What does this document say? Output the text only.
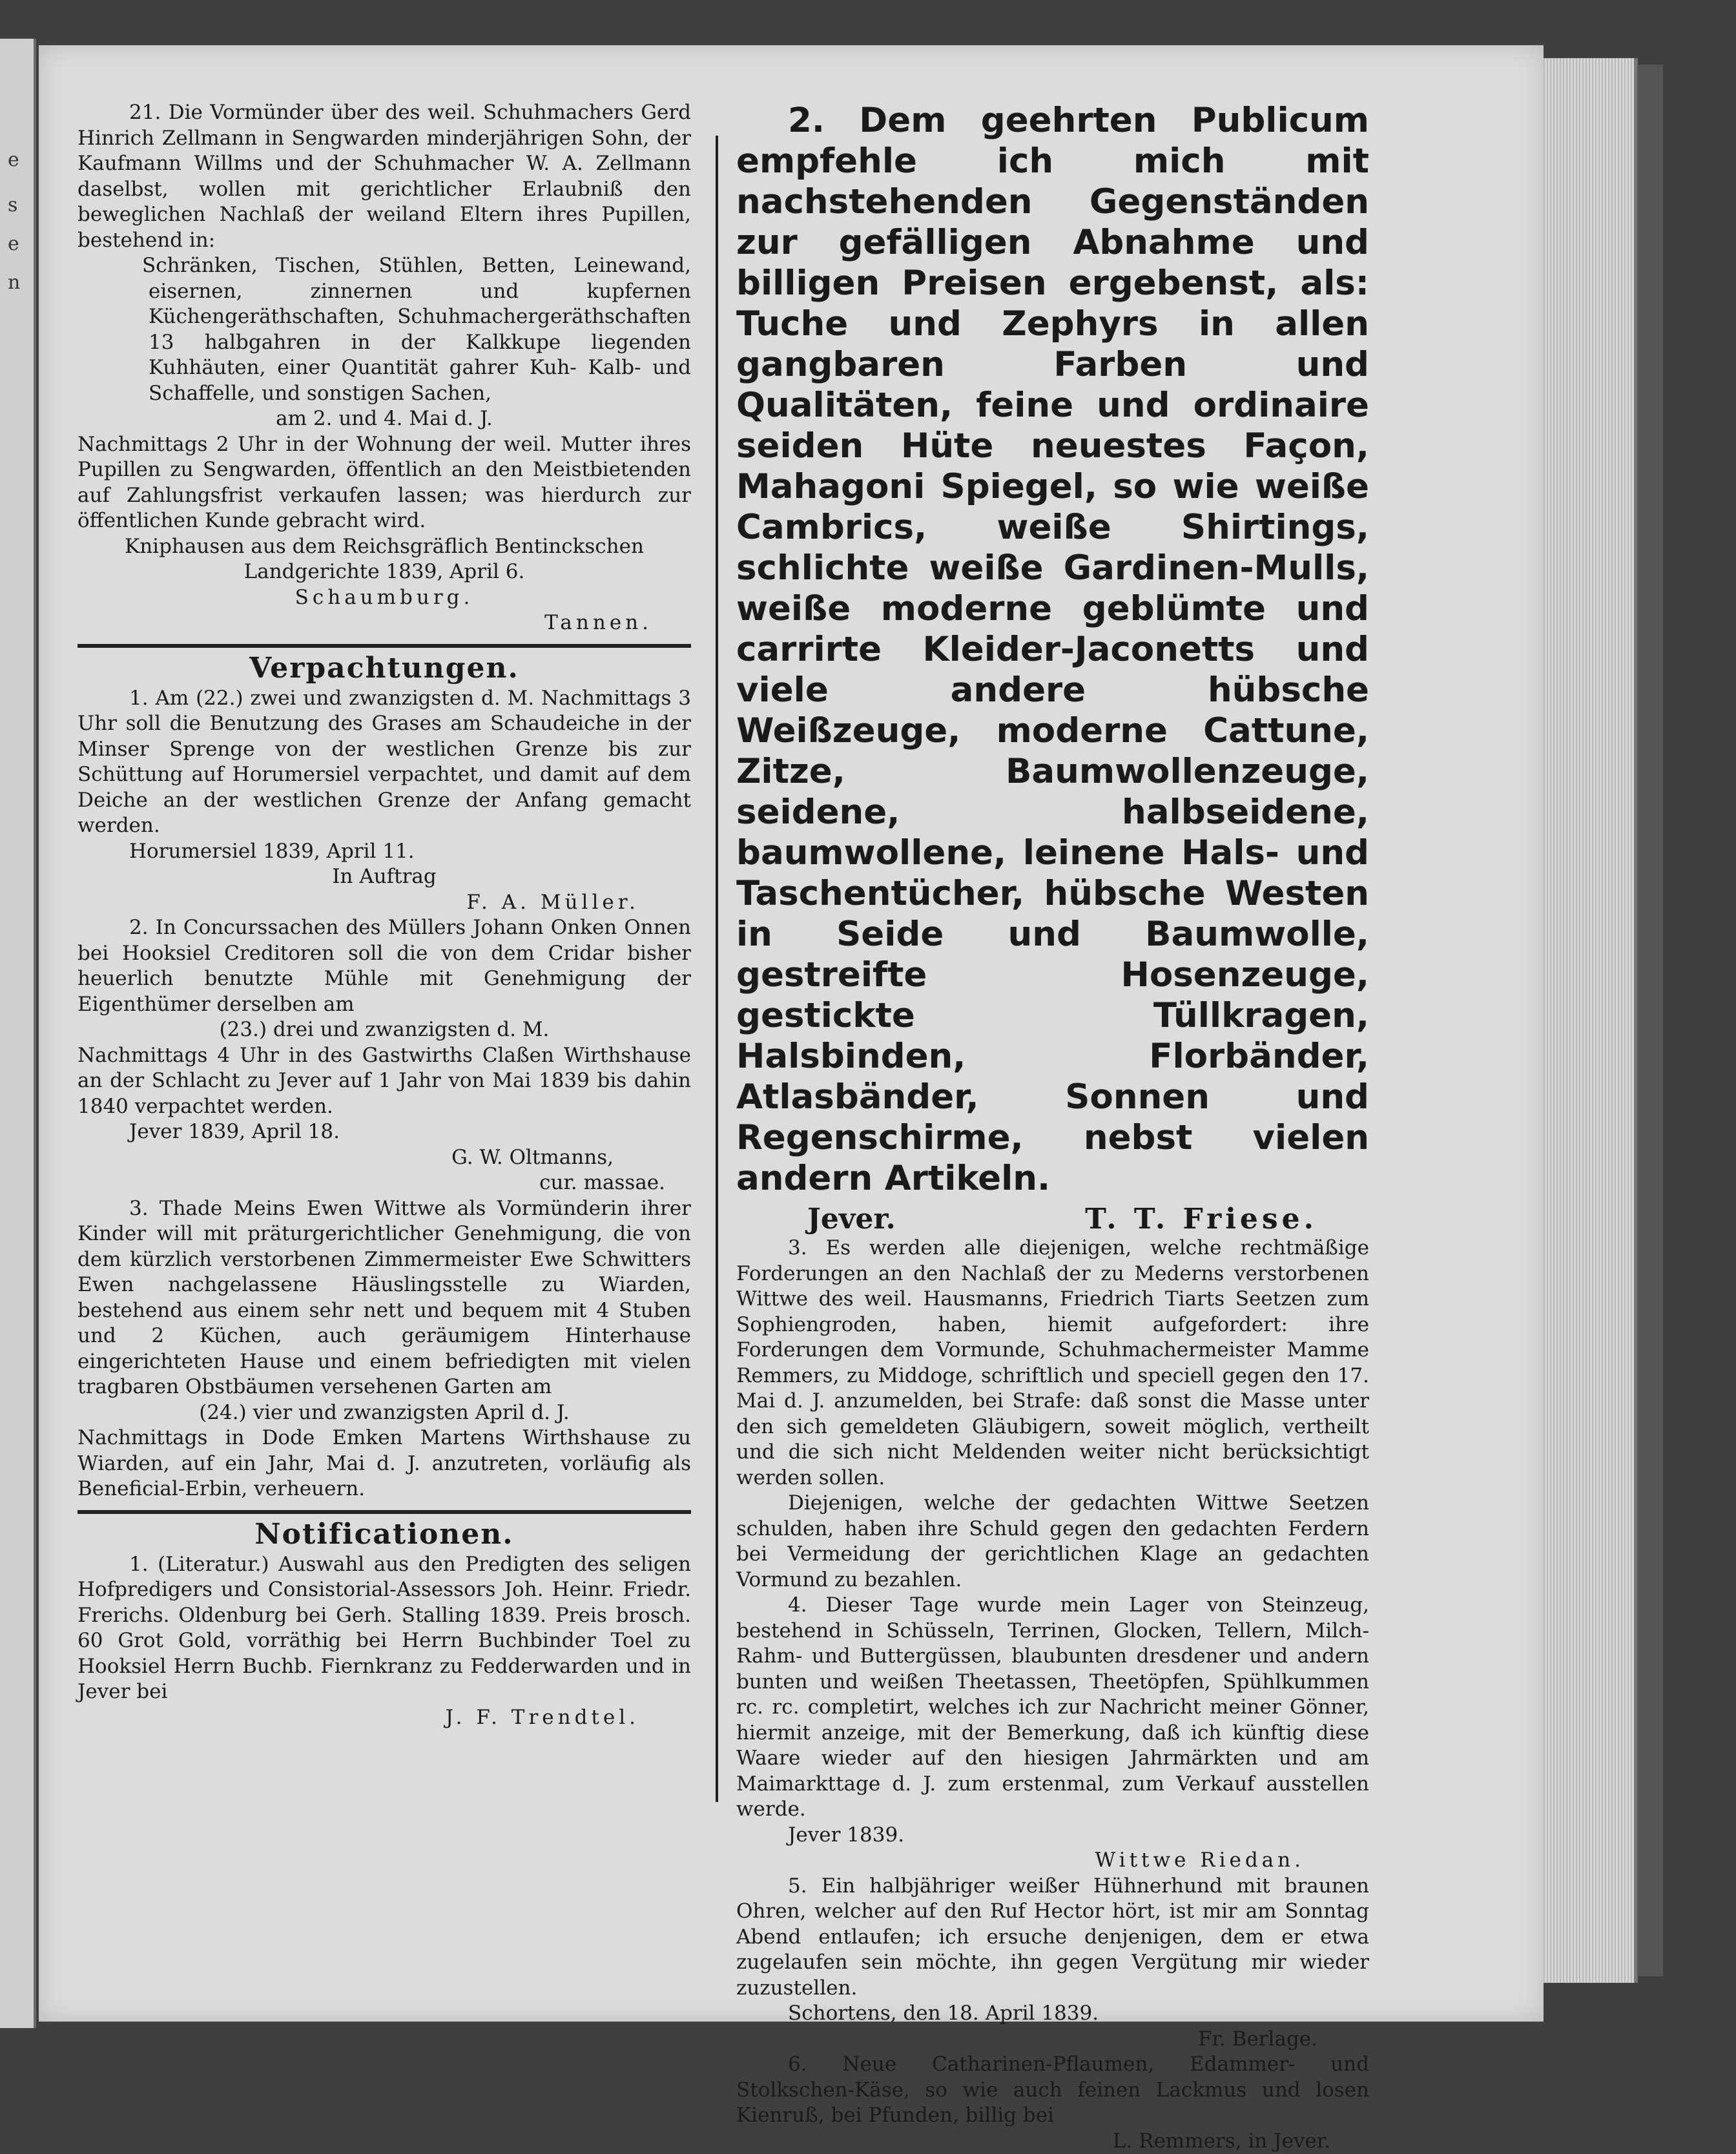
e
s
e
n

21. Die Vormünder über des weil. Schuhmachers Gerd Hinrich Zellmann in Sengwarden minderjährigen Sohn, der Kaufmann Willms und der Schuhmacher W. A. Zellmann daselbst, wollen mit gerichtlicher Erlaubniß den beweglichen Nachlaß der weiland Eltern ihres Pupillen, bestehend in:

Schränken, Tischen, Stühlen, Betten, Leinewand, eisernen, zinnernen und kupfernen Küchengeräthschaften, Schuhmachergeräthschaften 13 halbgahren in der Kalkkupe liegenden Kuhhäuten, einer Quantität gahrer Kuh- Kalb- und Schaffelle, und sonstigen Sachen,

am 2. und 4. Mai d. J.

Nachmittags 2 Uhr in der Wohnung der weil. Mutter ihres Pupillen zu Sengwarden, öffentlich an den Meistbietenden auf Zahlungsfrist verkaufen lassen; was hierdurch zur öffentlichen Kunde gebracht wird.

Kniphausen aus dem Reichsgräflich Bentinckschen Landgerichte 1839, April 6.

Schaumburg.

Tannen.

Verpachtungen.

1. Am (22.) zwei und zwanzigsten d. M. Nachmittags 3 Uhr soll die Benutzung des Grases am Schaudeiche in der Minser Sprenge von der westlichen Grenze bis zur Schüttung auf Horumersiel verpachtet, und damit auf dem Deiche an der westlichen Grenze der Anfang gemacht werden.

Horumersiel 1839, April 11.

In Auftrag

F. A. Müller.

2. In Concurssachen des Müllers Johann Onken Onnen bei Hooksiel Creditoren soll die von dem Cridar bisher heuerlich benutzte Mühle mit Genehmigung der Eigenthümer derselben am

(23.) drei und zwanzigsten d. M.

Nachmittags 4 Uhr in des Gastwirths Claßen Wirthshause an der Schlacht zu Jever auf 1 Jahr von Mai 1839 bis dahin 1840 verpachtet werden.

Jever 1839, April 18.

G. W. Oltmanns,

cur. massae.

3. Thade Meins Ewen Wittwe als Vormünderin ihrer Kinder will mit präturgerichtlicher Genehmigung, die von dem kürzlich verstorbenen Zimmermeister Ewe Schwitters Ewen nachgelassene Häuslingsstelle zu Wiarden, bestehend aus einem sehr nett und bequem mit 4 Stuben und 2 Küchen, auch geräumigem Hinterhause eingerichteten Hause und einem befriedigten mit vielen tragbaren Obstbäumen versehenen Garten am

(24.) vier und zwanzigsten April d. J.

Nachmittags in Dode Emken Martens Wirthshause zu Wiarden, auf ein Jahr, Mai d. J. anzutreten, vorläufig als Beneficial-Erbin, verheuern.

Notificationen.

1. (Literatur.) Auswahl aus den Predigten des seligen Hofpredigers und Consistorial-Assessors Joh. Heinr. Friedr. Frerichs. Oldenburg bei Gerh. Stalling 1839. Preis brosch. 60 Grot Gold, vorräthig bei Herrn Buchbinder Toel zu Hooksiel Herrn Buchb. Fiernkranz zu Fedderwarden und in Jever bei

J. F. Trendtel.

2. Dem geehrten Publicum empfehle ich mich mit nachstehenden Gegenständen zur gefälligen Abnahme und billigen Preisen ergebenst, als: Tuche und Zephyrs in allen gangbaren Farben und Qualitäten, feine und ordinaire seiden Hüte neuestes Façon, Mahagoni Spiegel, so wie weiße Cambrics, weiße Shirtings, schlichte weiße Gardinen-Mulls, weiße moderne geblümte und carrirte Kleider-Jaconetts und viele andere hübsche Weißzeuge, moderne Cattune, Zitze, Baumwollenzeuge, seidene, halbseidene, baumwollene, leinene Hals- und Taschentücher, hübsche Westen in Seide und Baumwolle, gestreifte Hosenzeuge, gestickte Tüllkragen, Halsbinden, Florbänder, Atlasbänder, Sonnen und Regenschirme, nebst vielen andern Artikeln.

Jever.	T. T. Friese.

3. Es werden alle diejenigen, welche rechtmäßige Forderungen an den Nachlaß der zu Mederns verstorbenen Wittwe des weil. Hausmanns, Friedrich Tiarts Seetzen zum Sophiengroden, haben, hiemit aufgefordert: ihre Forderungen dem Vormunde, Schuhmachermeister Mamme Remmers, zu Middoge, schriftlich und speciell gegen den 17. Mai d. J. anzumelden, bei Strafe: daß sonst die Masse unter den sich gemeldeten Gläubigern, soweit möglich, vertheilt und die sich nicht Meldenden weiter nicht berücksichtigt werden sollen.

Diejenigen, welche der gedachten Wittwe Seetzen schulden, haben ihre Schuld gegen den gedachten Ferdern bei Vermeidung der gerichtlichen Klage an gedachten Vormund zu bezahlen.

4. Dieser Tage wurde mein Lager von Steinzeug, bestehend in Schüsseln, Terrinen, Glocken, Tellern, Milch- Rahm- und Buttergüssen, blaubunten dresdener und andern bunten und weißen Theetassen, Theetöpfen, Spühlkummen rc. rc. completirt, welches ich zur Nachricht meiner Gönner, hiermit anzeige, mit der Bemerkung, daß ich künftig diese Waare wieder auf den hiesigen Jahrmärkten und am Maimarkttage d. J. zum erstenmal, zum Verkauf ausstellen werde.

Jever 1839.

Wittwe Riedan.

5. Ein halbjähriger weißer Hühnerhund mit braunen Ohren, welcher auf den Ruf Hector hört, ist mir am Sonntag Abend entlaufen; ich ersuche denjenigen, dem er etwa zugelaufen sein möchte, ihn gegen Vergütung mir wieder zuzustellen.

Schortens, den 18. April 1839.

Fr. Berlage.

6. Neue Catharinen-Pflaumen, Edammer- und Stolkschen-Käse, so wie auch feinen Lackmus und losen Kienruß, bei Pfunden, billig bei

L. Remmers, in Jever.
